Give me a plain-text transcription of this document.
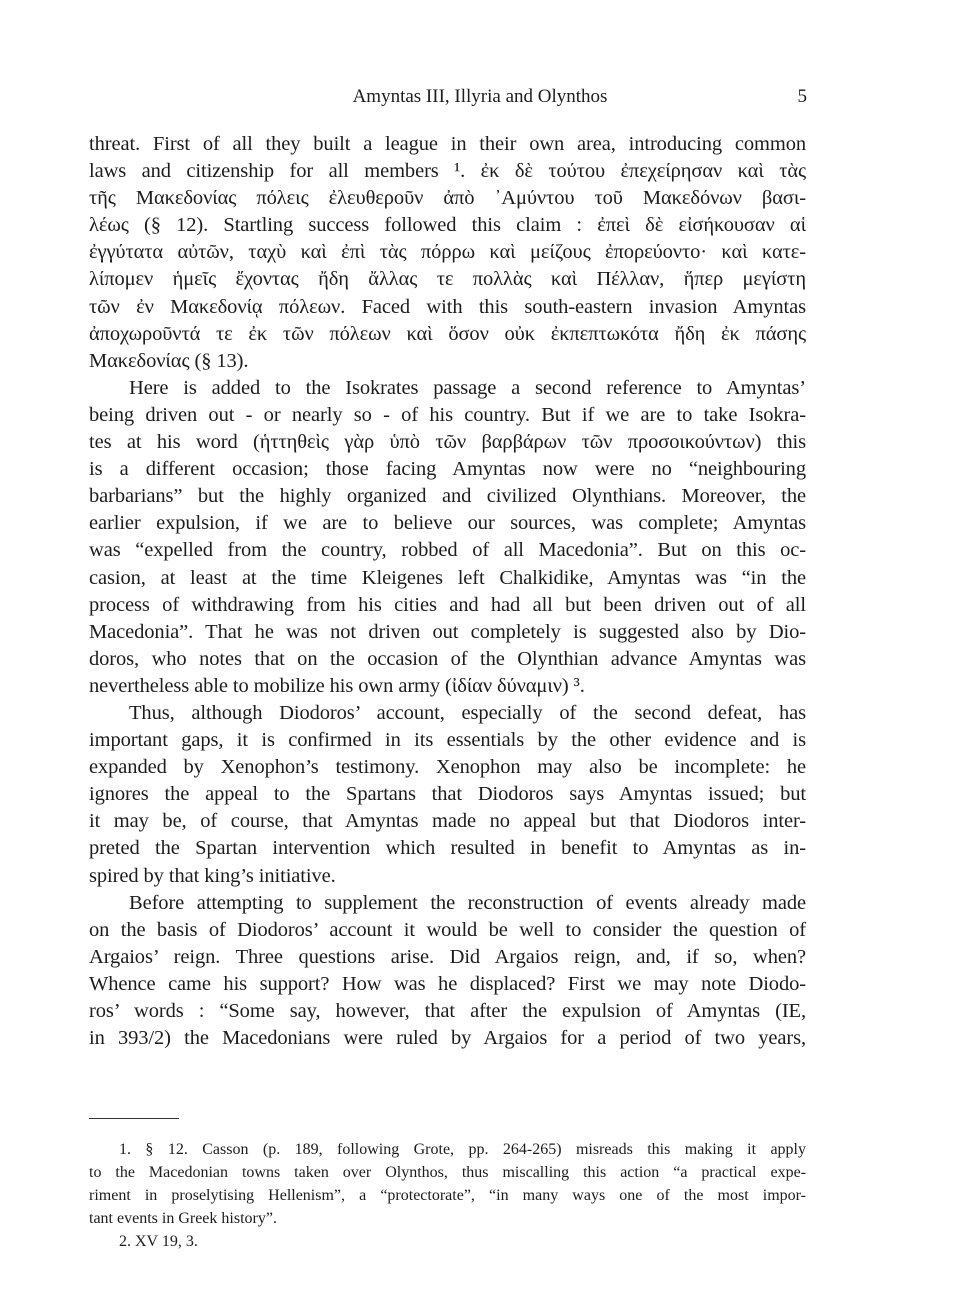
Amyntas III, Illyria and Olynthos	5
threat. First of all they built a league in their own area, introducing common
laws and citizenship for all members ¹. ἐκ δὲ τούτου ἐπεχείρησαν καὶ τὰς
τῆς Μακεδονίας πόλεις ἐλευθεροῦν ἀπὸ ᾿Αμύντου τοῦ Μακεδόνων βασι-
λέως (§ 12). Startling success followed this claim : ἐπεὶ δὲ εἰσήκουσαν αἱ
ἐγγύτατα αὐτῶν, ταχὺ καὶ ἐπὶ τὰς πόρρω καὶ μείζους ἐπορεύοντο· καὶ κατε-
λίπομεν ἡμεῖς ἔχοντας ἤδη ἄλλας τε πολλὰς καὶ Πέλλαν, ἥπερ μεγίστη
τῶν ἐν Μακεδονίᾳ πόλεων. Faced with this south-eastern invasion Amyntas
ἀποχωροῦντά τε ἐκ τῶν πόλεων καὶ ὅσον οὐκ ἐκπεπτωκότα ἤδη ἐκ πάσης
Μακεδονίας (§ 13).
Here is added to the Isokrates passage a second reference to Amyntas’
being driven out - or nearly so - of his country. But if we are to take Isokra-
tes at his word (ἡττηθεὶς γὰρ ὑπὸ τῶν βαρβάρων τῶν προσοικούντων) this
is a different occasion; those facing Amyntas now were no “neighbouring
barbarians” but the highly organized and civilized Olynthians. Moreover, the
earlier expulsion, if we are to believe our sources, was complete; Amyntas
was “expelled from the country, robbed of all Macedonia”. But on this oc-
casion, at least at the time Kleigenes left Chalkidike, Amyntas was “in the
process of withdrawing from his cities and had all but been driven out of all
Macedonia”. That he was not driven out completely is suggested also by Dio-
doros, who notes that on the occasion of the Olynthian advance Amyntas was
nevertheless able to mobilize his own army (ἰδίαν δύναμιν) ³.
Thus, although Diodoros’ account, especially of the second defeat, has
important gaps, it is confirmed in its essentials by the other evidence and is
expanded by Xenophon’s testimony. Xenophon may also be incomplete: he
ignores the appeal to the Spartans that Diodoros says Amyntas issued; but
it may be, of course, that Amyntas made no appeal but that Diodoros inter-
preted the Spartan intervention which resulted in benefit to Amyntas as in-
spired by that king’s initiative.
Before attempting to supplement the reconstruction of events already made
on the basis of Diodoros’ account it would be well to consider the question of
Argaios’ reign. Three questions arise. Did Argaios reign, and, if so, when?
Whence came his support? How was he displaced? First we may note Diodo-
ros’ words : “Some say, however, that after the expulsion of Amyntas (IE,
in 393/2) the Macedonians were ruled by Argaios for a period of two years,
1. § 12. Casson (p. 189, following Grote, pp. 264-265) misreads this making it apply
to the Macedonian towns taken over Olynthos, thus miscalling this action “a practical expe-
riment in proselytising Hellenism”, a “protectorate”, “in many ways one of the most impor-
tant events in Greek history”.
2. XV 19, 3.
